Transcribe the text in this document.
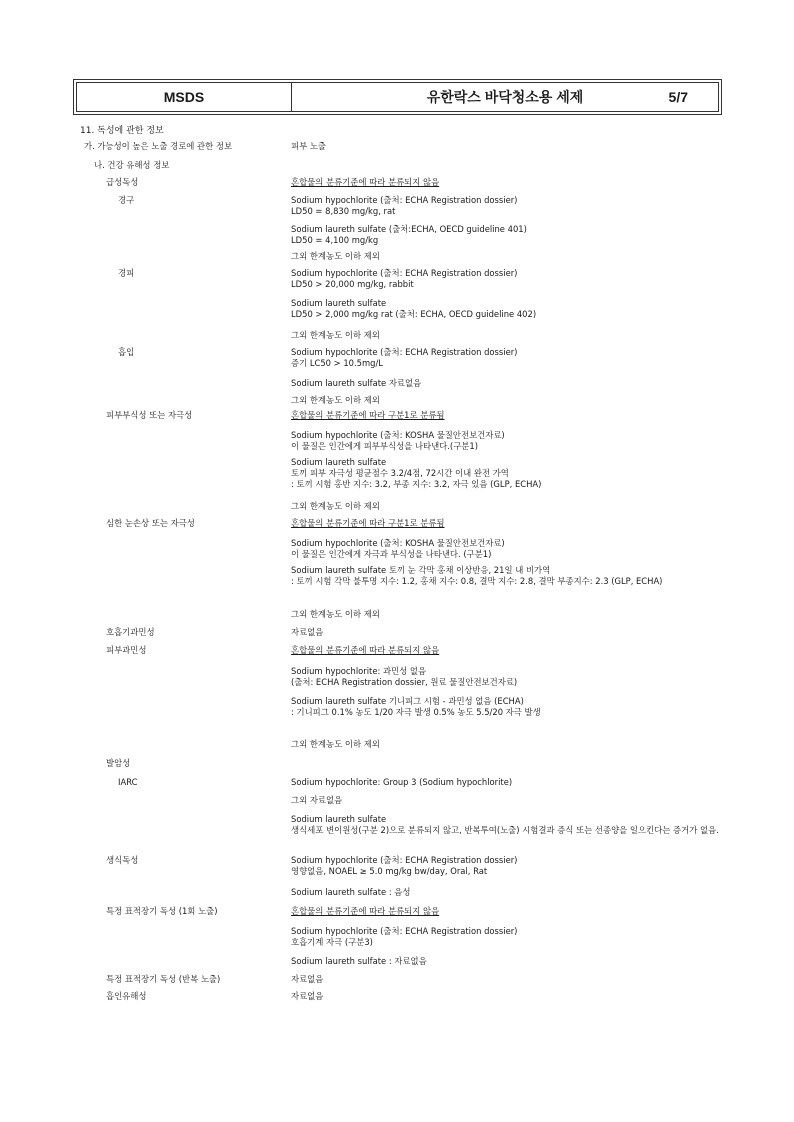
MSDS	유한락스 바닥청소용 세제	5/7
11. 독성에 관한 정보
가. 가능성이 높은 노출 경로에 관한 정보	피부 노출
나. 건강 유해성 정보
급성독성	혼합물의 분류기준에 따라 분류되지 않음
경구	Sodium hypochlorite (출처: ECHA Registration dossier)
LD50 = 8,830 mg/kg, rat
Sodium laureth sulfate (출처:ECHA, OECD guideline 401)
LD50 = 4,100 mg/kg
그외 한계농도 이하 제외
경피	Sodium hypochlorite (출처: ECHA Registration dossier)
LD50 > 20,000 mg/kg, rabbit
Sodium laureth sulfate
LD50 > 2,000 mg/kg rat (출처: ECHA, OECD guideline 402)
그외 한계농도 이하 제외
흡입	Sodium hypochlorite (출처: ECHA Registration dossier)
증기 LC50 > 10.5mg/L
Sodium laureth sulfate 자료없음
그외 한계농도 이하 제외
피부부식성 또는 자극성	혼합물의 분류기준에 따라 구분1로 분류됨
Sodium hypochlorite (출처: KOSHA 물질안전보건자료)
이 물질은 인간에게 피부부식성을 나타낸다.(구분1)
Sodium laureth sulfate
토끼 피부 자극성 평균점수 3.2/4점, 72시간 이내 완전 가역
: 토끼 시험 홍반 지수: 3.2, 부종 지수: 3.2, 자극 있음 (GLP, ECHA)
그외 한계농도 이하 제외
심한 눈손상 또는 자극성	혼합물의 분류기준에 따라 구분1로 분류됨
Sodium hypochlorite (출처: KOSHA 물질안전보건자료)
이 물질은 인간에게 자극과 부식성을 나타낸다. (구분1)
Sodium laureth sulfate 토끼 눈 각막 홍채 이상반응, 21일 내 비가역
: 토끼 시험 각막 불투명 지수: 1.2, 홍채 지수: 0.8, 결막 지수: 2.8, 결막 부종지수: 2.3 (GLP, ECHA)
그외 한계농도 이하 제외
호흡기과민성	자료없음
피부과민성	혼합물의 분류기준에 따라 분류되지 않음
Sodium hypochlorite: 과민성 없음
(출처: ECHA Registration dossier, 원료 물질안전보건자료)
Sodium laureth sulfate 기니피그 시험 - 과민성 없음 (ECHA)
: 기니피그 0.1% 농도 1/20 자극 발생 0.5% 농도 5.5/20 자극 발생
그외 한계농도 이하 제외
발암성
IARC	Sodium hypochlorite: Group 3 (Sodium hypochlorite)
그외 자료없음
Sodium laureth sulfate
생식세포 변이원성(구분 2)으로 분류되지 않고, 반복투여(노출) 시험결과 증식 또는 선종양을 일으킨다는 증거가 없음.
생식독성	Sodium hypochlorite (출처: ECHA Registration dossier)
영향없음, NOAEL ≥ 5.0 mg/kg bw/day, Oral, Rat
Sodium laureth sulfate : 음성
특정 표적장기 독성 (1회 노출)	혼합물의 분류기준에 따라 분류되지 않음
Sodium hypochlorite (출처: ECHA Registration dossier)
호흡기계 자극 (구분3)
Sodium laureth sulfate : 자료없음
특정 표적장기 독성 (반복 노출)	자료없음
흡인유해성	자료없음
